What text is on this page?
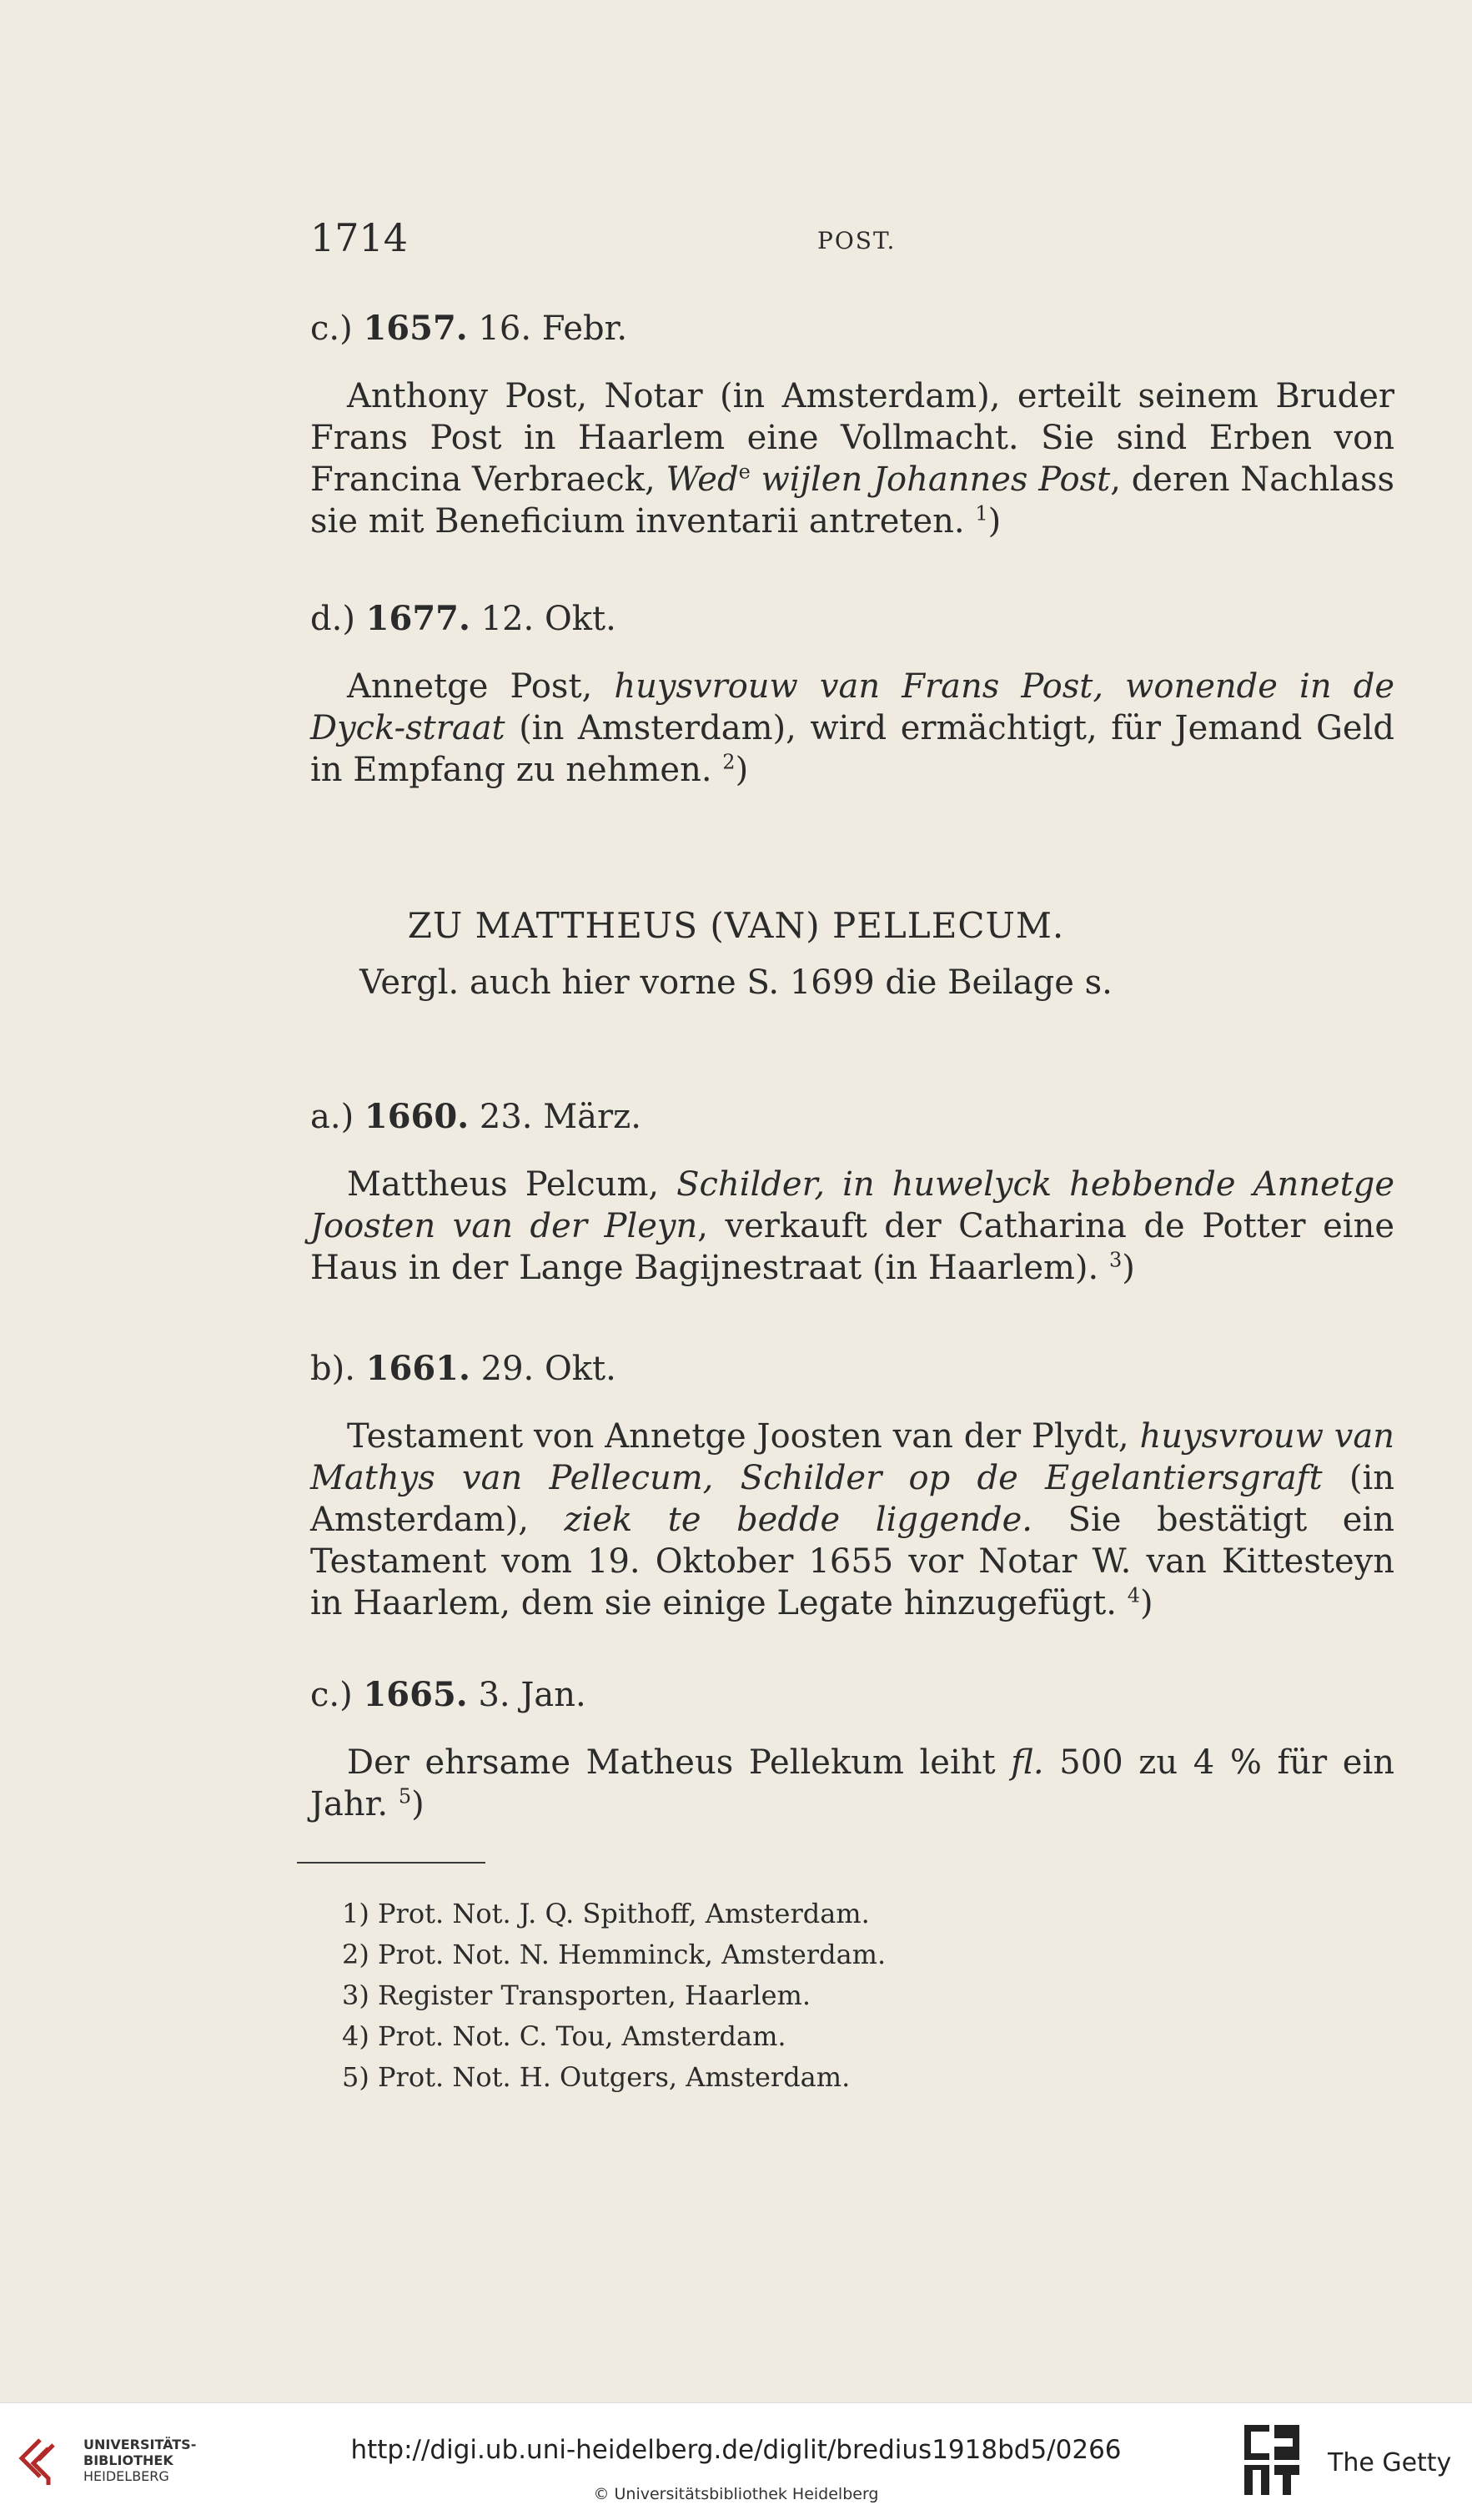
1714	POST.

c.) 1657. 16. Febr.

Anthony Post, Notar (in Amsterdam), erteilt seinem Bruder Frans Post in Haarlem eine Vollmacht. Sie sind Erben von Francina Verbraeck, Wed$^e$ wijlen Johannes Post, deren Nachlass sie mit Beneficium inventarii antreten. $^1$)

d.) 1677. 12. Okt.

Annetge Post, huysvrouw van Frans Post, wonende in de Dyck-straat (in Amsterdam), wird ermächtigt, für Jemand Geld in Empfang zu nehmen. $^2$)

ZU MATTHEUS (VAN) PELLECUM.

Vergl. auch hier vorne S. 1699 die Beilage s.

a.) 1660. 23. März.

Mattheus Pelcum, Schilder, in huwelyck hebbende Annetge Joosten van der Pleyn, verkauft der Catharina de Potter eine Haus in der Lange Bagijnestraat (in Haarlem). $^3$)

b). 1661. 29. Okt.

Testament von Annetge Joosten van der Plydt, huysvrouw van Mathys van Pellecum, Schilder op de Egelantiersgraft (in Amsterdam), ziek te bedde liggende. Sie bestätigt ein Testament vom 19. Oktober 1655 vor Notar W. van Kittesteyn in Haarlem, dem sie einige Legate hinzugefügt. $^4$)

c.) 1665. 3. Jan.

Der ehrsame Matheus Pellekum leiht fl. 500 zu 4 % für ein Jahr. $^5$)

1) Prot. Not. J. Q. Spithoff, Amsterdam.
2) Prot. Not. N. Hemminck, Amsterdam.
3) Register Transporten, Haarlem.
4) Prot. Not. C. Tou, Amsterdam.
5) Prot. Not. H. Outgers, Amsterdam.
UNIVERSITÄTS-
BIBLIOTHEK
HEIDELBERG
http://digi.ub.uni-heidelberg.de/diglit/bredius1918bd5/0266
© Universitätsbibliothek Heidelberg
The Getty
